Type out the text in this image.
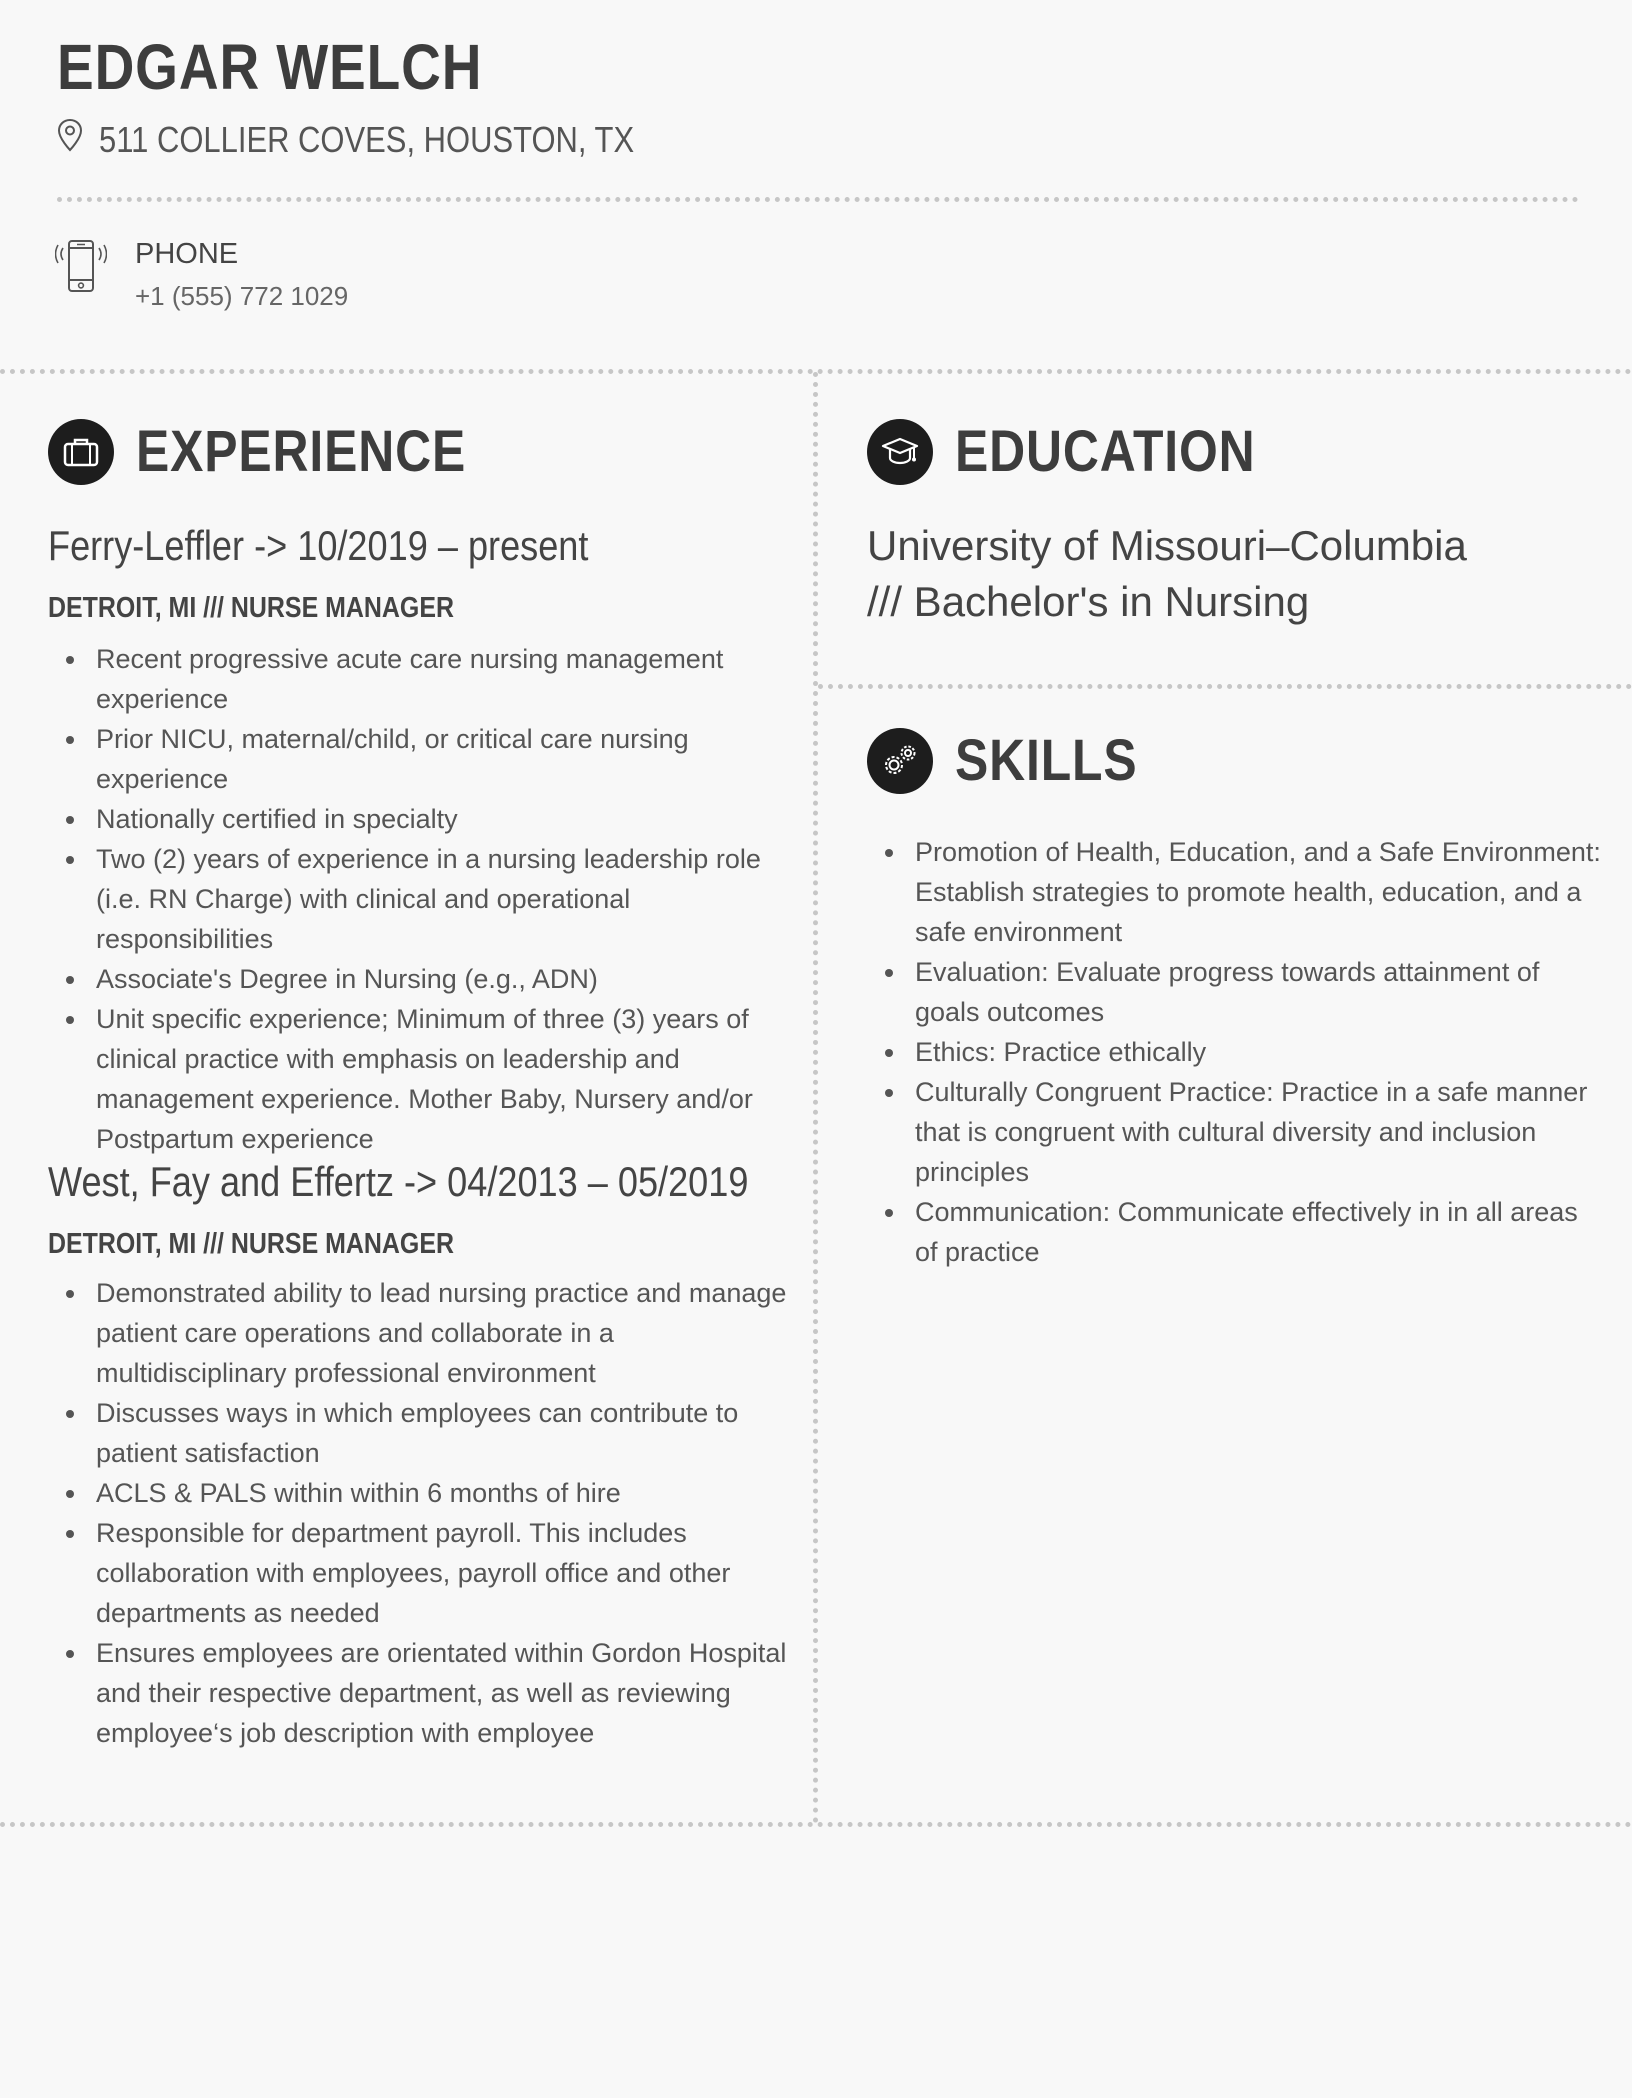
EDGAR WELCH
511 COLLIER COVES, HOUSTON, TX
PHONE
+1 (555) 772 1029
EXPERIENCE
Ferry-Leffler -> 10/2019 – present
DETROIT, MI /// NURSE MANAGER
Recent progressive acute care nursing management experience
Prior NICU, maternal/child, or critical care nursing experience
Nationally certified in specialty
Two (2) years of experience in a nursing leadership role (i.e. RN Charge) with clinical and operational responsibilities
Associate's Degree in Nursing (e.g., ADN)
Unit specific experience; Minimum of three (3) years of clinical practice with emphasis on leadership and management experience. Mother Baby, Nursery and/or Postpartum experience
West, Fay and Effertz -> 04/2013 – 05/2019
DETROIT, MI /// NURSE MANAGER
Demonstrated ability to lead nursing practice and manage patient care operations and collaborate in a multidisciplinary professional environment
Discusses ways in which employees can contribute to patient satisfaction
ACLS & PALS within within 6 months of hire
Responsible for department payroll. This includes collaboration with employees, payroll office and other departments as needed
Ensures employees are orientated within Gordon Hospital and their respective department, as well as reviewing employee‘s job description with employee
EDUCATION
University of Missouri–Columbia /// Bachelor's in Nursing
SKILLS
Promotion of Health, Education, and a Safe Environment: Establish strategies to promote health, education, and a safe environment
Evaluation: Evaluate progress towards attainment of goals outcomes
Ethics: Practice ethically
Culturally Congruent Practice: Practice in a safe manner that is congruent with cultural diversity and inclusion principles
Communication: Communicate effectively in in all areas of practice
